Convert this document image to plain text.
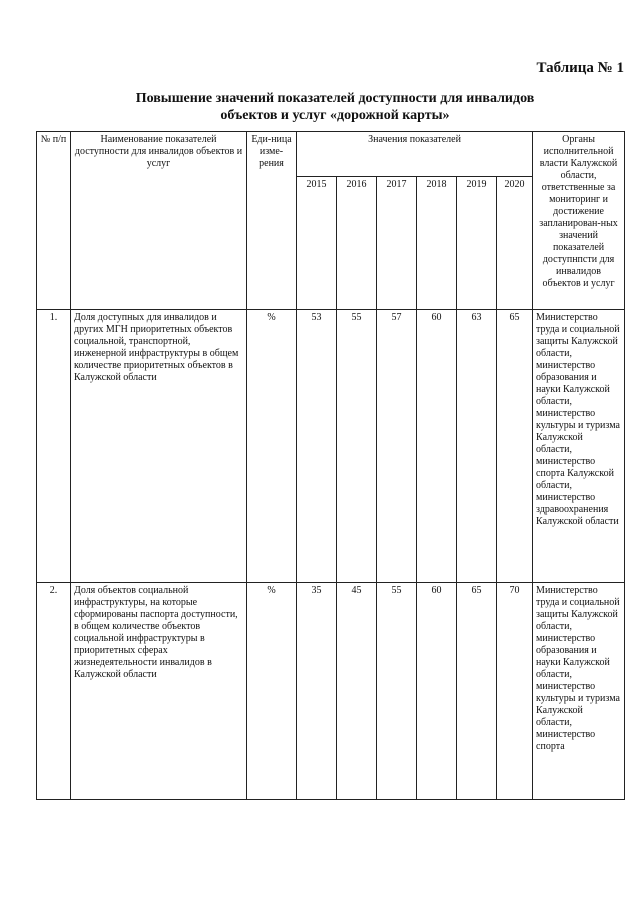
Таблица № 1
Повышение значений показателей доступности для инвалидов
объектов и услуг «дорожной карты»
№ п/п	Наименование показателей доступности для инвалидов объектов и услуг	Еди-ница изме-рения	Значения показателей						Органы исполнительной власти Калужской области, ответственные за мониторинг и достижение запланирован-ных значений показателей доступнпсти для инвалидов объектов и услуг
			2015	2016	2017	2018	2019	2020	
1.	Доля доступных для инвалидов и других МГН приоритетных объектов социальной, транспортной, инженерной инфраструктуры в общем количестве приоритетных объектов в Калужской области	%	53	55	57	60	63	65	Министерство труда и социальной защиты Калужской области, министерство образования и науки Калужской области, министерство культуры и туризма Калужской области, министерство спорта Калужской области, министерство здравоохранения Калужской области
2.	Доля объектов социальной инфраструктуры, на которые сформированы паспорта доступности, в общем количестве объектов социальной инфраструктуры в приоритетных сферах жизнедеятельности инвалидов в Калужской области	%	35	45	55	60	65	70	Министерство труда и социальной защиты Калужской области, министерство образования и науки Калужской области, министерство культуры и туризма Калужской области, министерство спорта
